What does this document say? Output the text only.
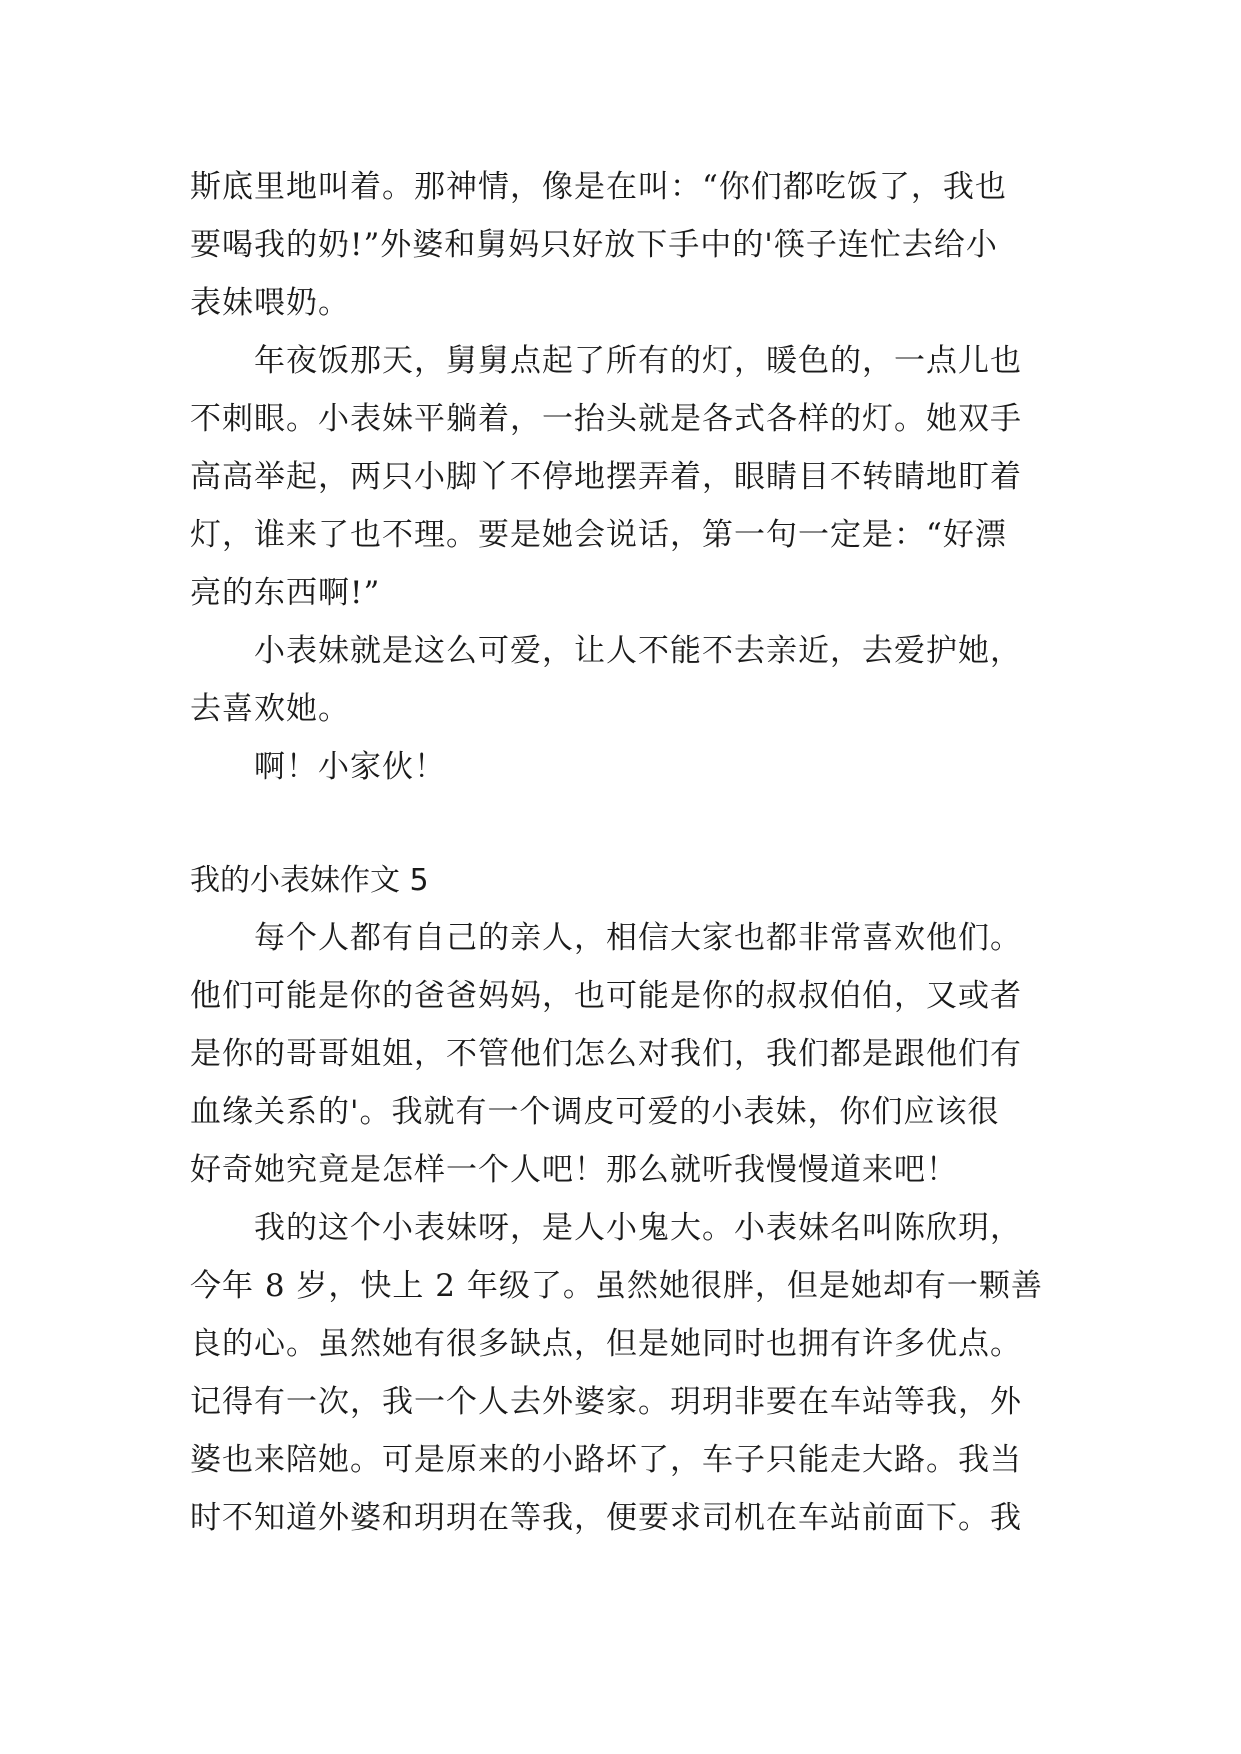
斯底里地叫着。那神情，像是在叫：“你们都吃饭了，我也
要喝我的奶!”外婆和舅妈只好放下手中的'筷子连忙去给小
表妹喂奶。
　　年夜饭那天，舅舅点起了所有的灯，暖色的，一点儿也
不刺眼。小表妹平躺着，一抬头就是各式各样的灯。她双手
高高举起，两只小脚丫不停地摆弄着，眼睛目不转睛地盯着
灯，谁来了也不理。要是她会说话，第一句一定是：“好漂
亮的东西啊!”
　　小表妹就是这么可爱，让人不能不去亲近，去爱护她，
去喜欢她。
　　啊！小家伙！
我的小表妹作文 5
　　每个人都有自己的亲人，相信大家也都非常喜欢他们。
他们可能是你的爸爸妈妈，也可能是你的叔叔伯伯，又或者
是你的哥哥姐姐，不管他们怎么对我们，我们都是跟他们有
血缘关系的'。我就有一个调皮可爱的小表妹，你们应该很
好奇她究竟是怎样一个人吧！那么就听我慢慢道来吧！
　　我的这个小表妹呀，是人小鬼大。小表妹名叫陈欣玥，
今年 8 岁，快上 2 年级了。虽然她很胖，但是她却有一颗善
良的心。虽然她有很多缺点，但是她同时也拥有许多优点。
记得有一次，我一个人去外婆家。玥玥非要在车站等我，外
婆也来陪她。可是原来的小路坏了，车子只能走大路。我当
时不知道外婆和玥玥在等我，便要求司机在车站前面下。我
